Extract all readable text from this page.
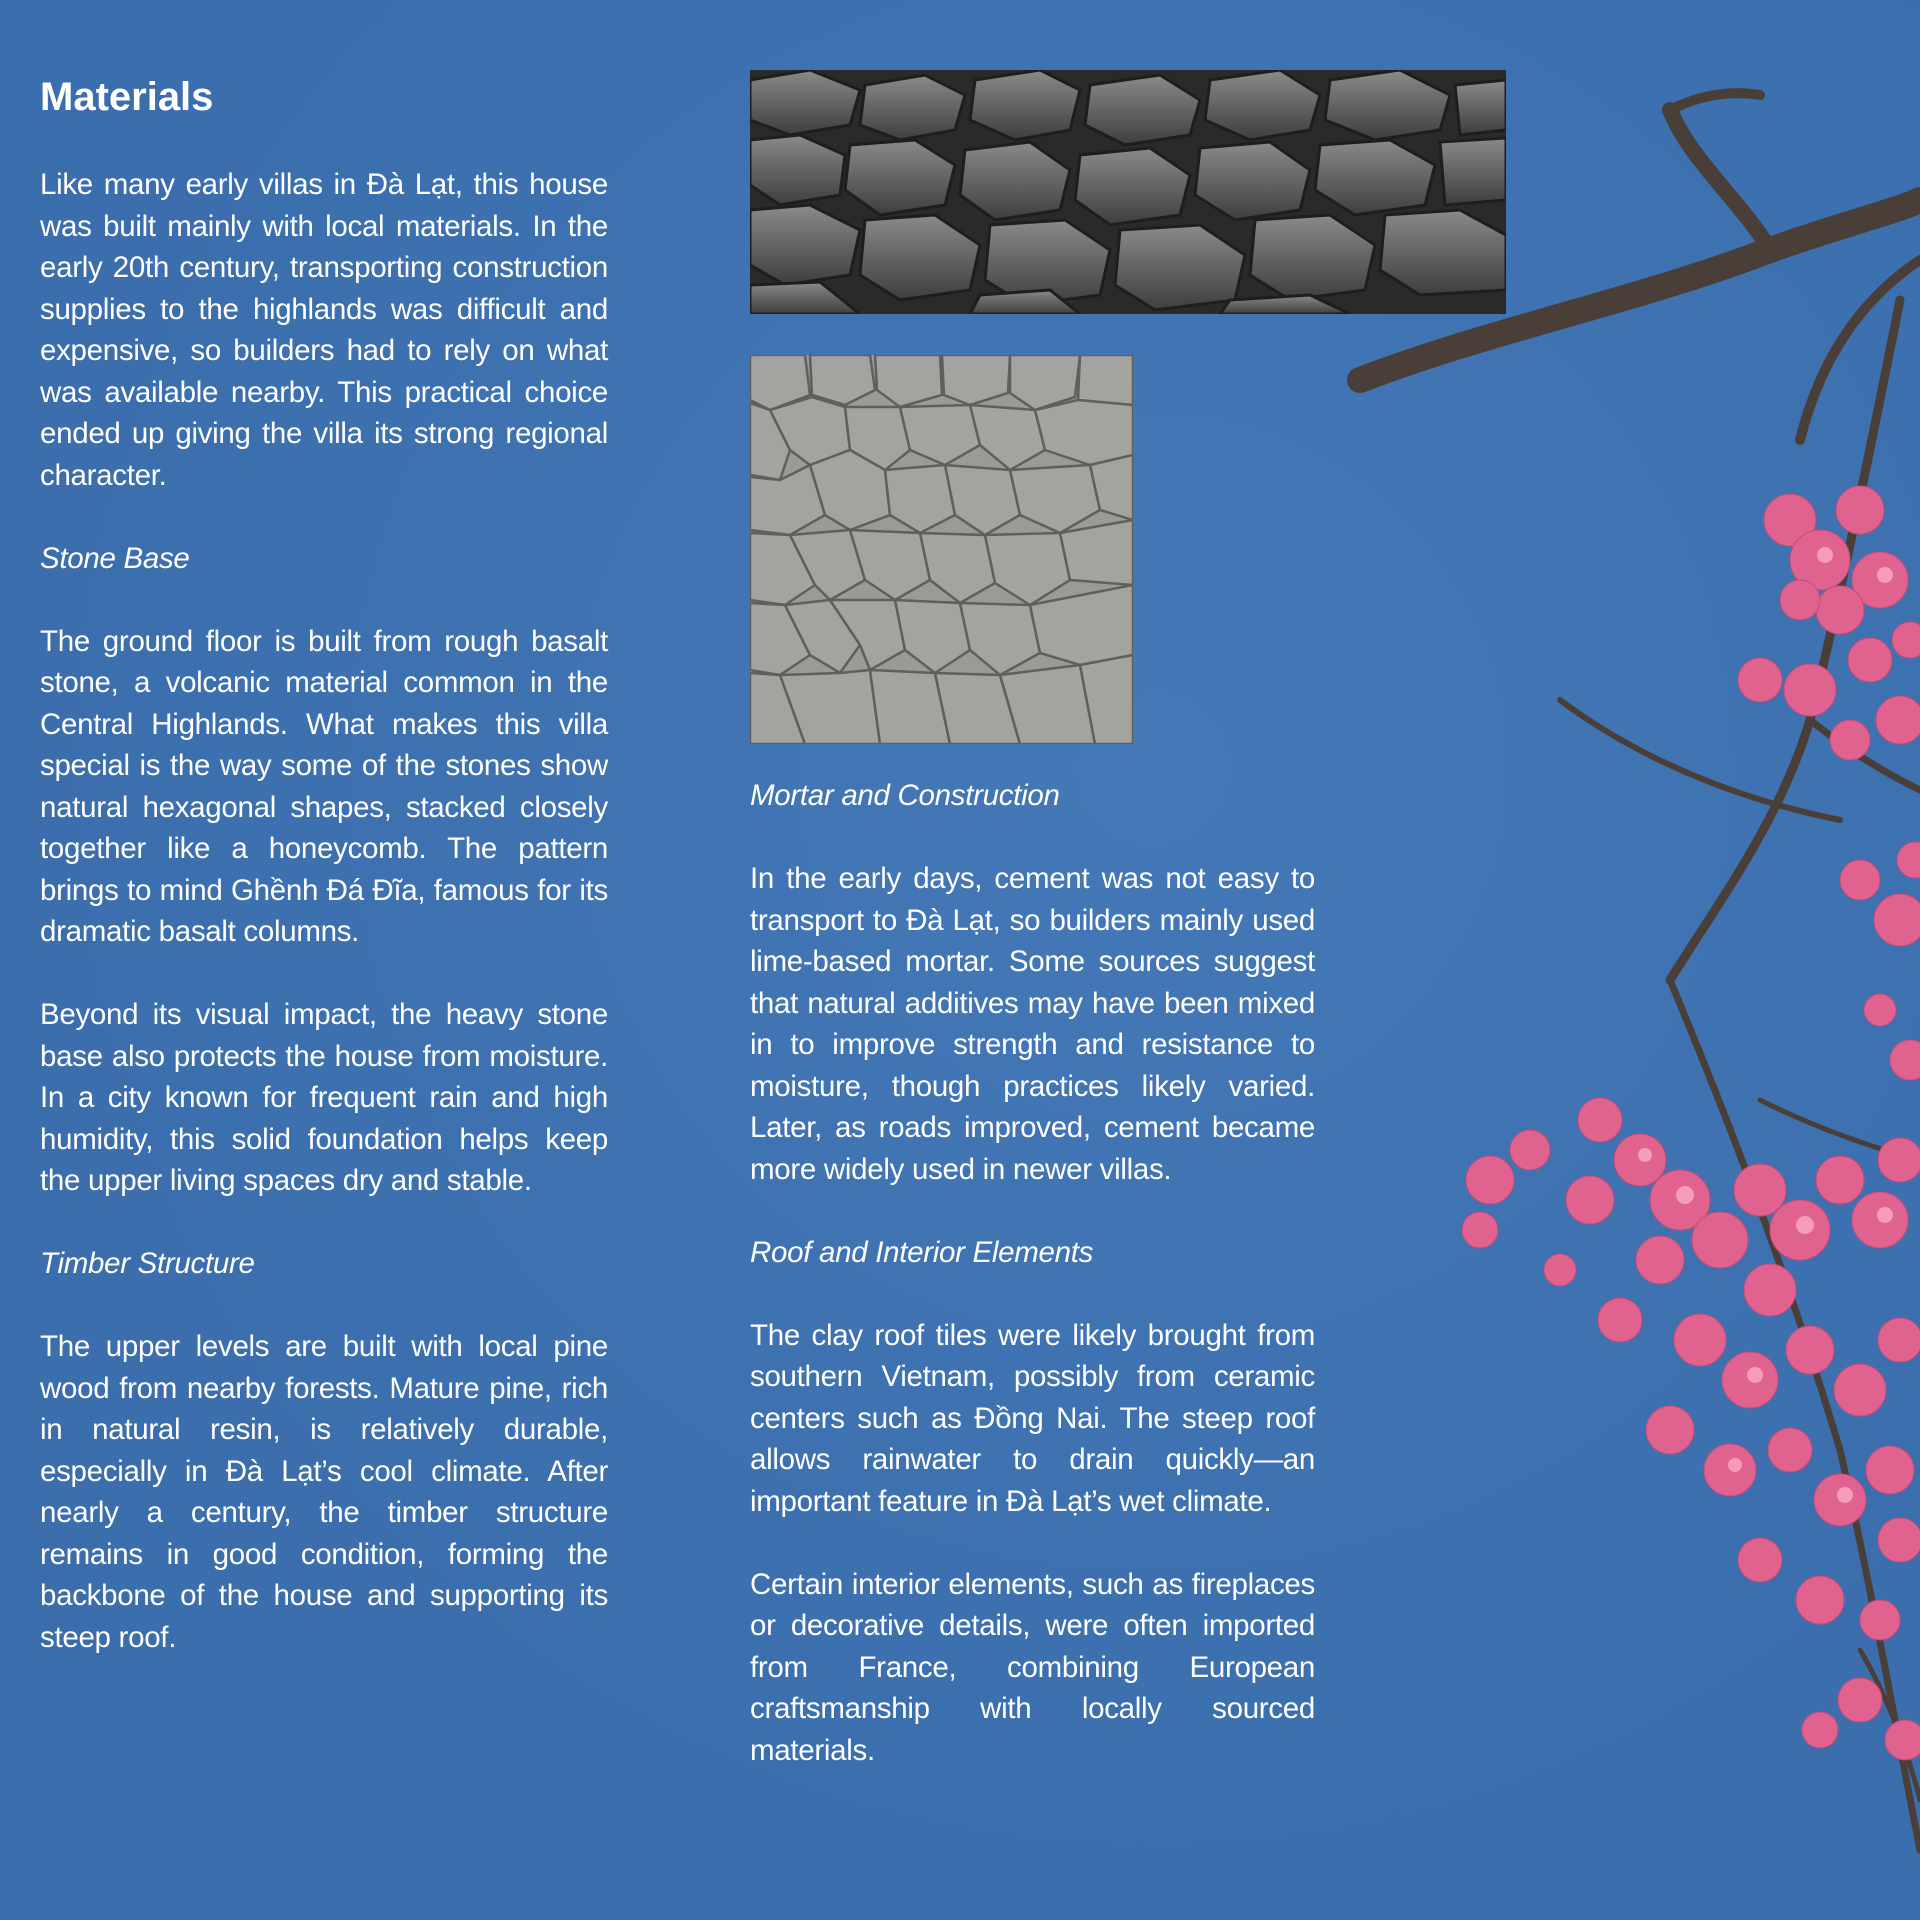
Materials

Like many early villas in Đà Lạt, this house was built mainly with local materials. In the early 20th century, transporting construction supplies to the highlands was difficult and expensive, so builders had to rely on what was available nearby. This practical choice ended up giving the villa its strong regional character.

Stone Base

The ground floor is built from rough basalt stone, a volcanic material common in the Central Highlands. What makes this villa special is the way some of the stones show natural hexagonal shapes, stacked closely together like a honeycomb. The pattern brings to mind Ghềnh Đá Đĩa, famous for its dramatic basalt columns.

Beyond its visual impact, the heavy stone base also protects the house from moisture. In a city known for frequent rain and high humidity, this solid foundation helps keep the upper living spaces dry and stable.

Timber Structure

The upper levels are built with local pine wood from nearby forests. Mature pine, rich in natural resin, is relatively durable, especially in Đà Lạt’s cool climate. After nearly a century, the timber structure remains in good condition, forming the backbone of the house and supporting its steep roof.

Mortar and Construction

In the early days, cement was not easy to transport to Đà Lạt, so builders mainly used lime-based mortar. Some sources suggest that natural additives may have been mixed in to improve strength and resistance to moisture, though practices likely varied. Later, as roads improved, cement became more widely used in newer villas.

Roof and Interior Elements

The clay roof tiles were likely brought from southern Vietnam, possibly from ceramic centers such as Đồng Nai. The steep roof allows rainwater to drain quickly—an important feature in Đà Lạt’s wet climate.

Certain interior elements, such as fireplaces or decorative details, were often imported from France, combining European craftsmanship with locally sourced materials.
